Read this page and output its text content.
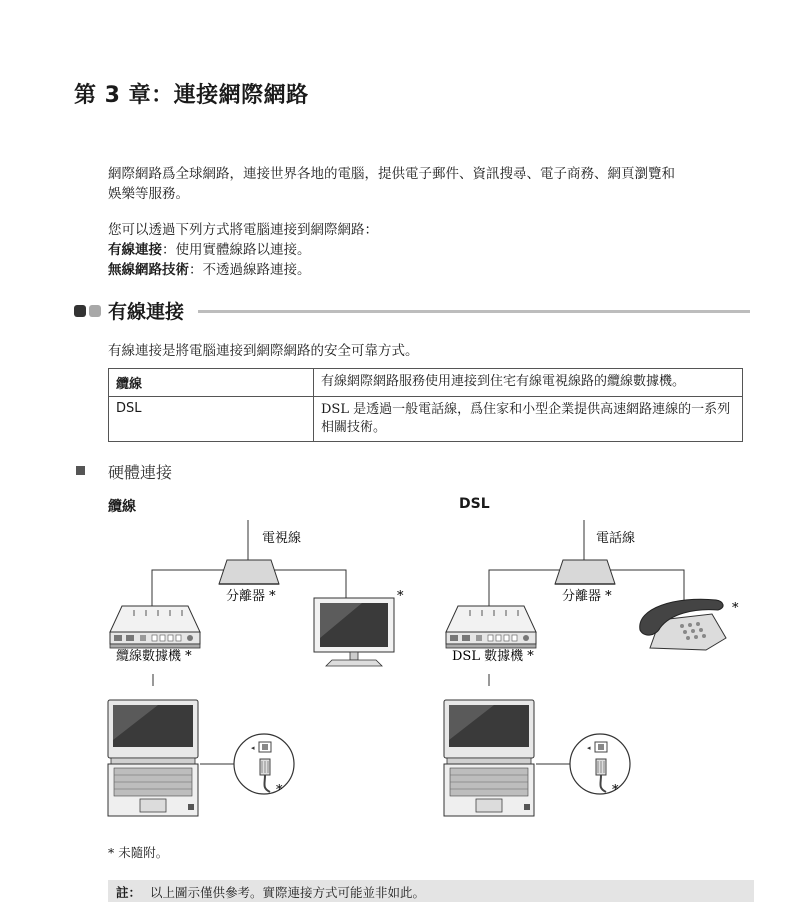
第 3 章：連接網際網路
網際網路爲全球網路，連接世界各地的電腦，提供電子郵件、資訊搜尋、電子商務、網頁瀏覽和
娛樂等服務。
您可以透過下列方式將電腦連接到網際網路：
有線連接：使用實體線路以連接。
無線網路技術：不透過線路連接。
有線連接
有線連接是將電腦連接到網際網路的安全可靠方式。
纜線	有線網際網路服務使用連接到住宅有線電視線路的纜線數據機。
DSL	DSL 是透過一般電話線，爲住家和小型企業提供高速網路連線的一系列相關技術。
硬體連接
纜線	DSL
電視線
分離器 *
纜線數據機 *
*
*
電話線
分離器 *
DSL 數據機 *
*
*
* 未隨附。
註： 以上圖示僅供參考。實際連接方式可能並非如此。
